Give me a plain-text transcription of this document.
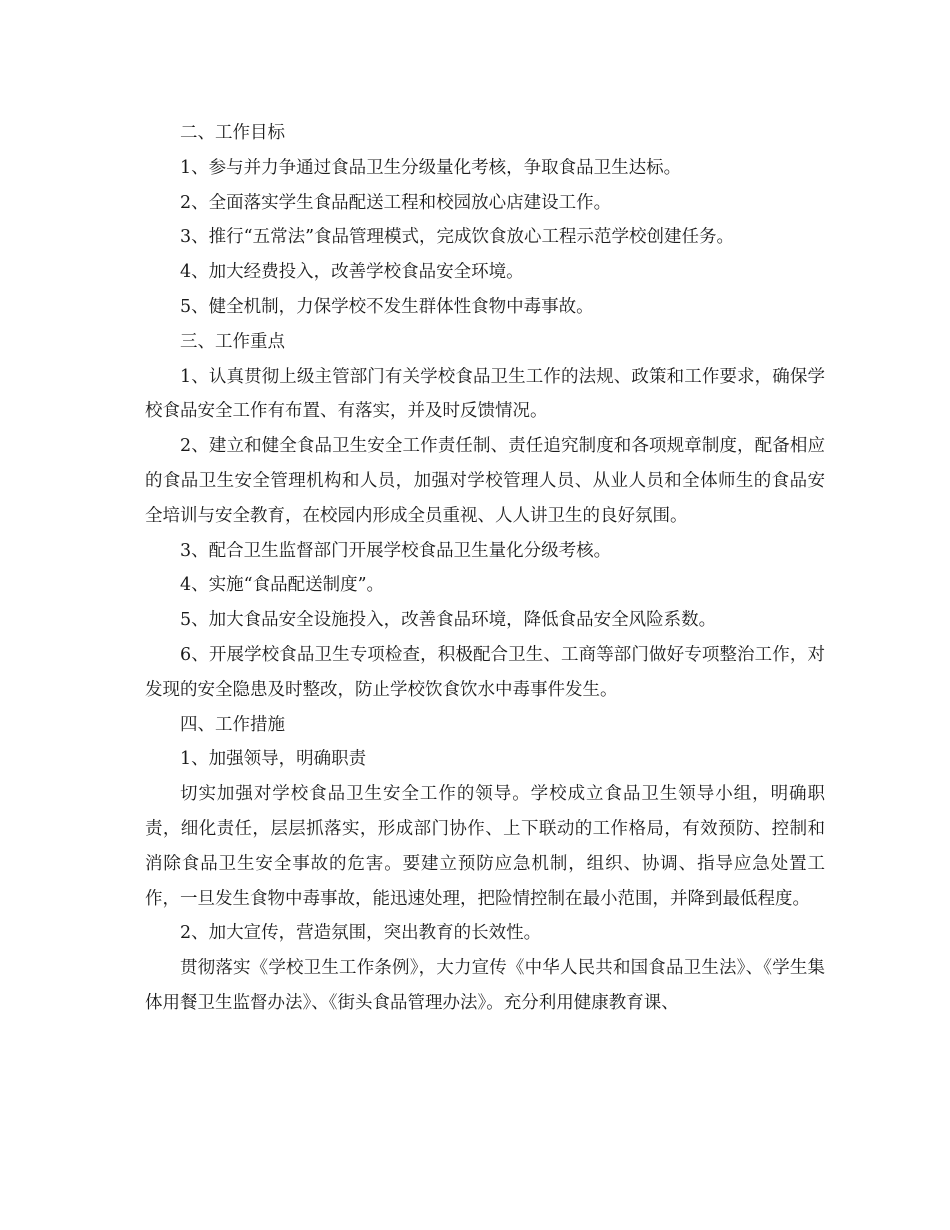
二、工作目标

1、参与并力争通过食品卫生分级量化考核，争取食品卫生达标。

2、全面落实学生食品配送工程和校园放心店建设工作。

3、推行“五常法”食品管理模式，完成饮食放心工程示范学校创建任务。

4、加大经费投入，改善学校食品安全环境。

5、健全机制，力保学校不发生群体性食物中毒事故。

三、工作重点

1、认真贯彻上级主管部门有关学校食品卫生工作的法规、政策和工作要求，确保学校食品安全工作有布置、有落实，并及时反馈情况。

2、建立和健全食品卫生安全工作责任制、责任追究制度和各项规章制度，配备相应的食品卫生安全管理机构和人员，加强对学校管理人员、从业人员和全体师生的食品安全培训与安全教育，在校园内形成全员重视、人人讲卫生的良好氛围。

3、配合卫生监督部门开展学校食品卫生量化分级考核。

4、实施“食品配送制度”。

5、加大食品安全设施投入，改善食品环境，降低食品安全风险系数。

6、开展学校食品卫生专项检查，积极配合卫生、工商等部门做好专项整治工作，对发现的安全隐患及时整改，防止学校饮食饮水中毒事件发生。

四、工作措施

1、加强领导，明确职责

切实加强对学校食品卫生安全工作的领导。学校成立食品卫生领导小组，明确职责，细化责任，层层抓落实，形成部门协作、上下联动的工作格局，有效预防、控制和消除食品卫生安全事故的危害。要建立预防应急机制，组织、协调、指导应急处置工作，一旦发生食物中毒事故，能迅速处理，把险情控制在最小范围，并降到最低程度。

2、加大宣传，营造氛围，突出教育的长效性。

贯彻落实《学校卫生工作条例》，大力宣传《中华人民共和国食品卫生法》、《学生集体用餐卫生监督办法》、《街头食品管理办法》。充分利用健康教育课、
